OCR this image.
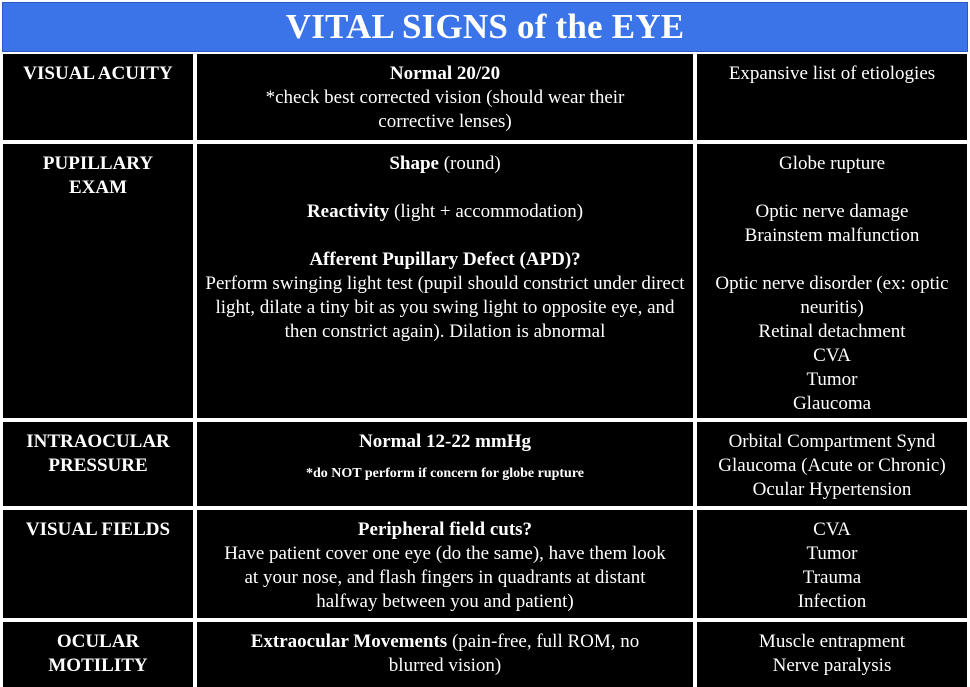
VITAL SIGNS of the EYE
VISUAL ACUITY	Normal 20/20
*check best corrected vision (should wear their corrective lenses)
Expansive list of etiologies
PUPILLARY EXAM
Shape (round)
Reactivity (light + accommodation)
Afferent Pupillary Defect (APD)?
Perform swinging light test (pupil should constrict under direct light, dilate a tiny bit as you swing light to opposite eye, and then constrict again). Dilation is abnormal
Globe rupture
Optic nerve damage
Brainstem malfunction
Optic nerve disorder (ex: optic neuritis)
Retinal detachment
CVA
Tumor
Glaucoma
INTRAOCULAR PRESSURE
Normal 12-22 mmHg
*do NOT perform if concern for globe rupture
Orbital Compartment Synd
Glaucoma (Acute or Chronic)
Ocular Hypertension
VISUAL FIELDS	Peripheral field cuts?
Have patient cover one eye (do the same), have them look at your nose, and flash fingers in quadrants at distant halfway between you and patient)
CVA
Tumor
Trauma
Infection
OCULAR MOTILITY
Extraocular Movements (pain-free, full ROM, no blurred vision)
Muscle entrapment
Nerve paralysis
